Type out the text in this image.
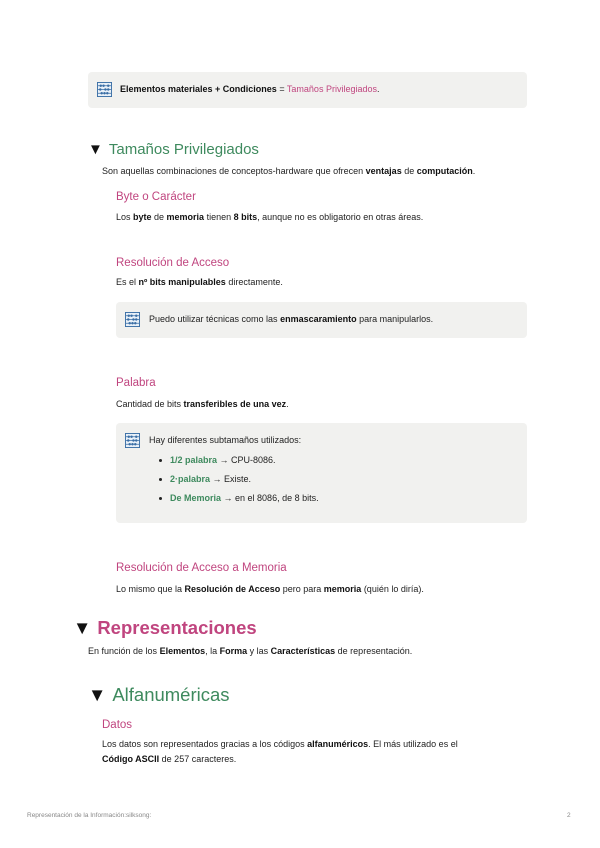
Elementos materiales + Condiciones = Tamaños Privilegiados.
▼ Tamaños Privilegiados
Son aquellas combinaciones de conceptos-hardware que ofrecen ventajas de computación.
Byte o Carácter
Los byte de memoria tienen 8 bits, aunque no es obligatorio en otras áreas.
Resolución de Acceso
Es el nº bits manipulables directamente.
Puedo utilizar técnicas como las enmascaramiento para manipularlos.
Palabra
Cantidad de bits transferibles de una vez.
Hay diferentes subtamaños utilizados:
1/2 palabra → CPU-8086.
2·palabra → Existe.
De Memoria → en el 8086, de 8 bits.
Resolución de Acceso a Memoria
Lo mismo que la Resolución de Acceso pero para memoria (quién lo diría).
▼ Representaciones
En función de los Elementos, la Forma y las Características de representación.
▼ Alfanuméricas
Datos
Los datos son representados gracias a los códigos alfanuméricos. El más utilizado es el
Código ASCII de 257 caracteres.
Representación de la Información:silksong:	2
